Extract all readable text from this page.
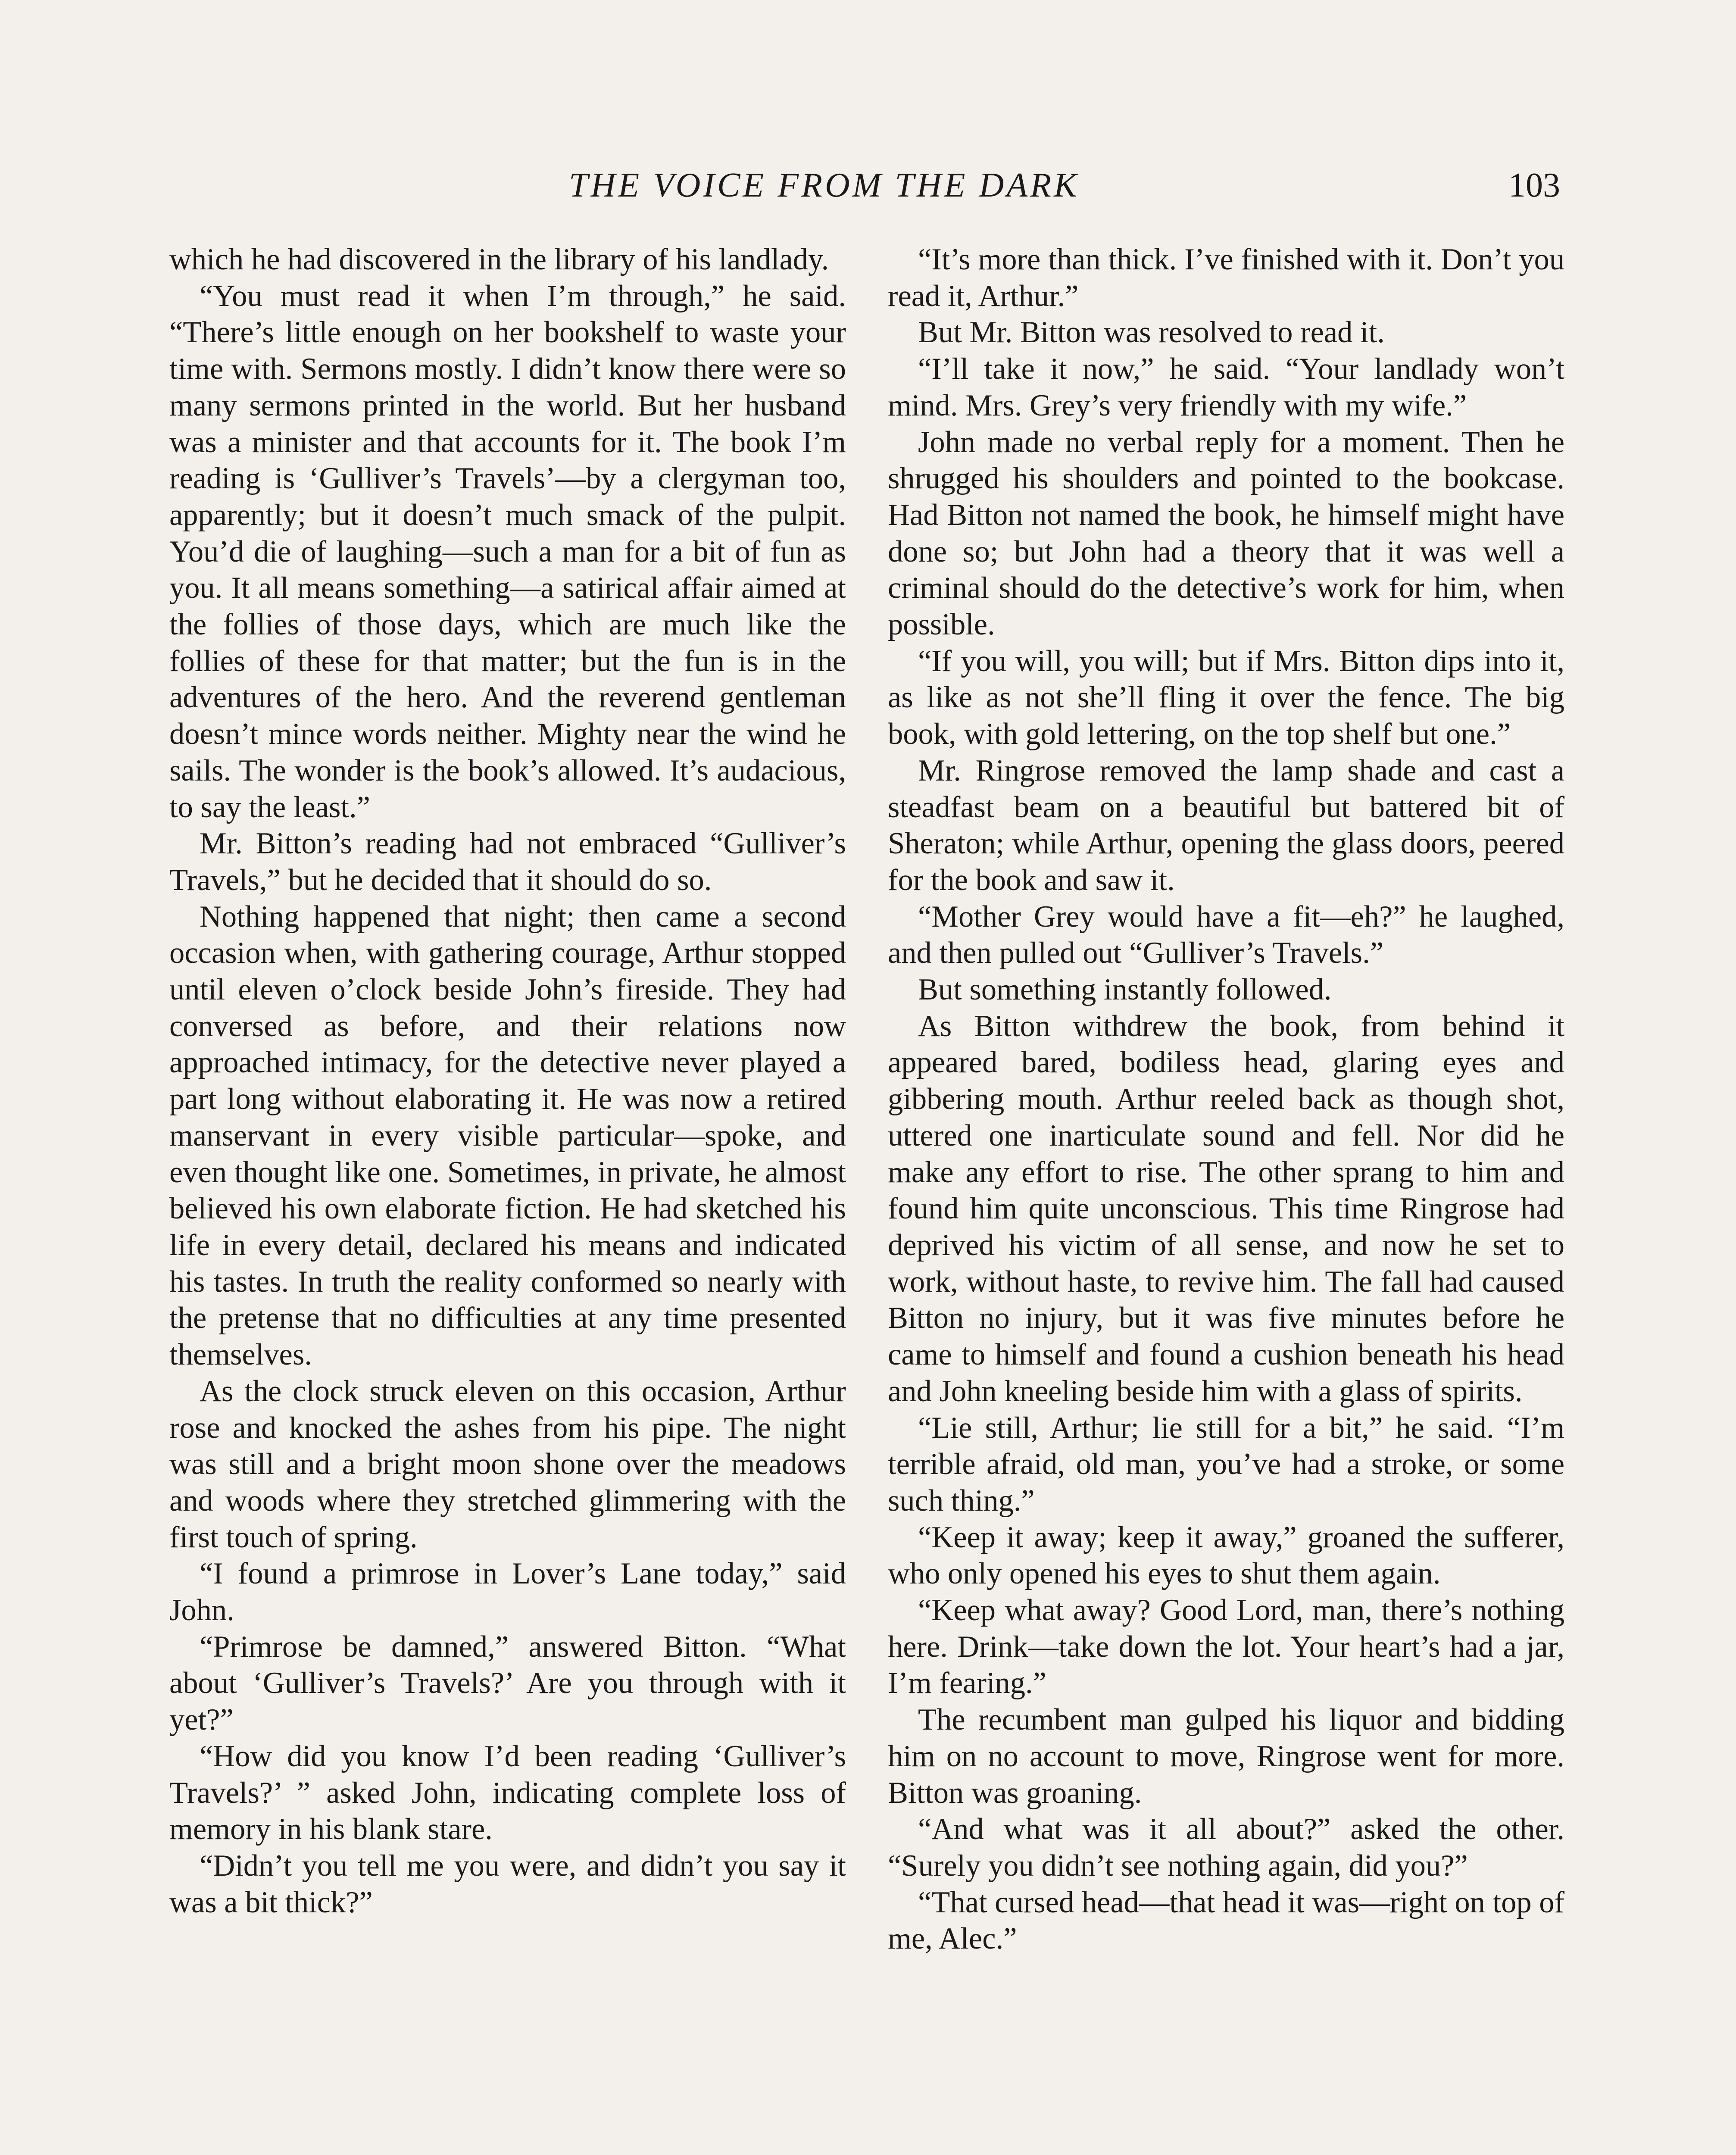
THE VOICE FROM THE DARK	103

which he had discovered in the library of his landlady.

“You must read it when I’m through,” he said. “There’s little enough on her bookshelf to waste your time with. Sermons mostly. I didn’t know there were so many sermons printed in the world. But her husband was a minister and that accounts for it. The book I’m reading is ‘Gulliver’s Travels’—by a clergyman too, apparently; but it doesn’t much smack of the pulpit. You’d die of laughing—such a man for a bit of fun as you. It all means something—a satirical affair aimed at the follies of those days, which are much like the follies of these for that matter; but the fun is in the adventures of the hero. And the reverend gentleman doesn’t mince words neither. Mighty near the wind he sails. The wonder is the book’s allowed. It’s audacious, to say the least.”

Mr. Bitton’s reading had not embraced “Gulliver’s Travels,” but he decided that it should do so.

Nothing happened that night; then came a second occasion when, with gathering courage, Arthur stopped until eleven o’clock beside John’s fireside. They had conversed as before, and their relations now approached intimacy, for the detective never played a part long without elaborating it. He was now a retired manservant in every visible particular—spoke, and even thought like one. Sometimes, in private, he almost believed his own elaborate fiction. He had sketched his life in every detail, declared his means and indicated his tastes. In truth the reality conformed so nearly with the pretense that no difficulties at any time presented themselves.

As the clock struck eleven on this occasion, Arthur rose and knocked the ashes from his pipe. The night was still and a bright moon shone over the meadows and woods where they stretched glimmering with the first touch of spring.

“I found a primrose in Lover’s Lane today,” said John.

“Primrose be damned,” answered Bitton. “What about ‘Gulliver’s Travels?’ Are you through with it yet?”

“How did you know I’d been reading ‘Gulliver’s Travels?’ ” asked John, indicating complete loss of memory in his blank stare.

“Didn’t you tell me you were, and didn’t you say it was a bit thick?”

“It’s more than thick. I’ve finished with it. Don’t you read it, Arthur.”

But Mr. Bitton was resolved to read it.

“I’ll take it now,” he said. “Your landlady won’t mind. Mrs. Grey’s very friendly with my wife.”

John made no verbal reply for a moment. Then he shrugged his shoulders and pointed to the bookcase. Had Bitton not named the book, he himself might have done so; but John had a theory that it was well a criminal should do the detective’s work for him, when possible.

“If you will, you will; but if Mrs. Bitton dips into it, as like as not she’ll fling it over the fence. The big book, with gold lettering, on the top shelf but one.”

Mr. Ringrose removed the lamp shade and cast a steadfast beam on a beautiful but battered bit of Sheraton; while Arthur, opening the glass doors, peered for the book and saw it.

“Mother Grey would have a fit—eh?” he laughed, and then pulled out “Gulliver’s Travels.”

But something instantly followed.

As Bitton withdrew the book, from behind it appeared bared, bodiless head, glaring eyes and gibbering mouth. Arthur reeled back as though shot, uttered one inarticulate sound and fell. Nor did he make any effort to rise. The other sprang to him and found him quite unconscious. This time Ringrose had deprived his victim of all sense, and now he set to work, without haste, to revive him. The fall had caused Bitton no injury, but it was five minutes before he came to himself and found a cushion beneath his head and John kneeling beside him with a glass of spirits.

“Lie still, Arthur; lie still for a bit,” he said. “I’m terrible afraid, old man, you’ve had a stroke, or some such thing.”

“Keep it away; keep it away,” groaned the sufferer, who only opened his eyes to shut them again.

“Keep what away? Good Lord, man, there’s nothing here. Drink—take down the lot. Your heart’s had a jar, I’m fearing.”

The recumbent man gulped his liquor and bidding him on no account to move, Ringrose went for more. Bitton was groaning.

“And what was it all about?” asked the other. “Surely you didn’t see nothing again, did you?”

“That cursed head—that head it was—right on top of me, Alec.”
